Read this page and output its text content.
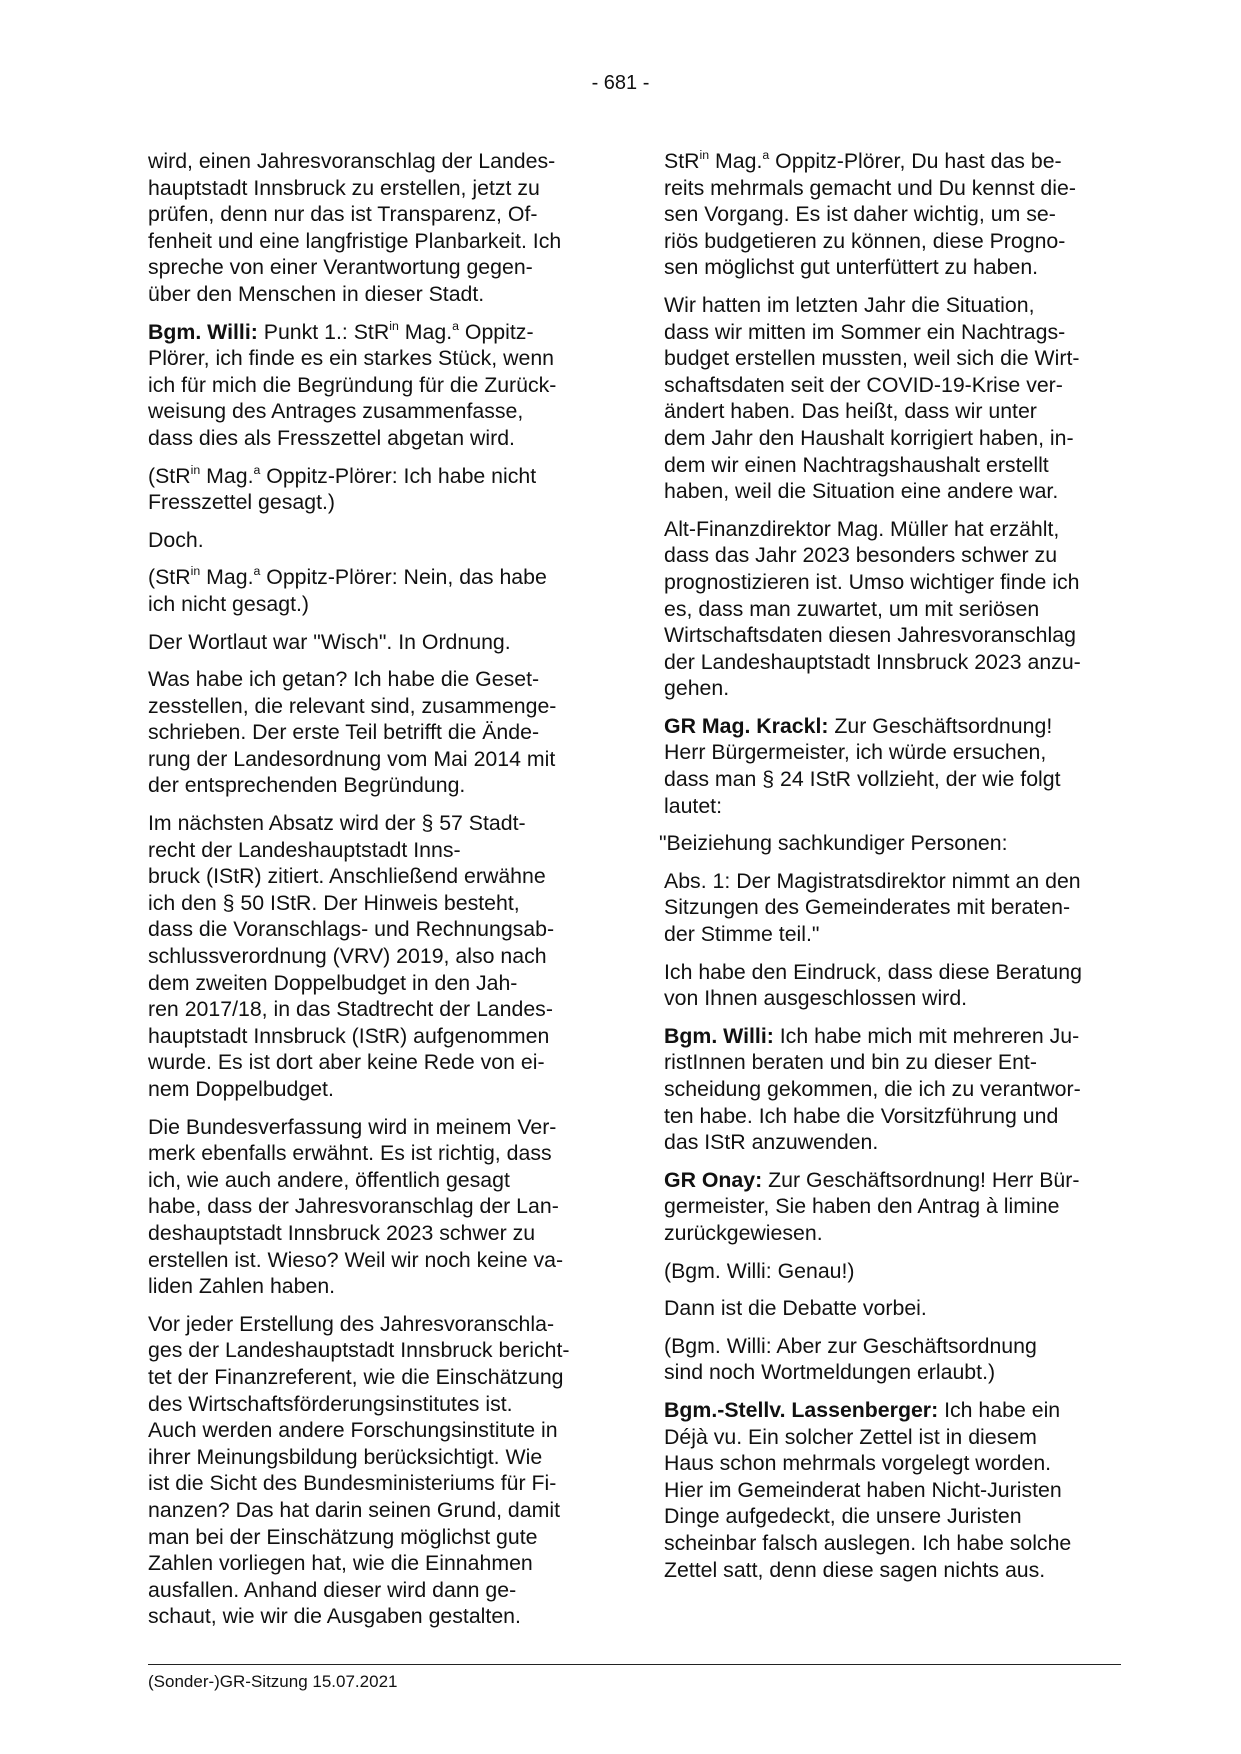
- 681 -

wird, einen Jahresvoranschlag der Landes-
hauptstadt Innsbruck zu erstellen, jetzt zu
prüfen, denn nur das ist Transparenz, Of-
fenheit und eine langfristige Planbarkeit. Ich
spreche von einer Verantwortung gegen-
über den Menschen in dieser Stadt.

Bgm. Willi: Punkt 1.: StR$^{in}$ Mag.$^a$ Oppitz-
Plörer, ich finde es ein starkes Stück, wenn
ich für mich die Begründung für die Zurück-
weisung des Antrages zusammenfasse,
dass dies als Fresszettel abgetan wird.

(StR$^{in}$ Mag.$^a$ Oppitz-Plörer: Ich habe nicht
Fresszettel gesagt.)

Doch.

(StR$^{in}$ Mag.$^a$ Oppitz-Plörer: Nein, das habe
ich nicht gesagt.)

Der Wortlaut war "Wisch". In Ordnung.

Was habe ich getan? Ich habe die Geset-
zesstellen, die relevant sind, zusammenge-
schrieben. Der erste Teil betrifft die Ände-
rung der Landesordnung vom Mai 2014 mit
der entsprechenden Begründung.

Im nächsten Absatz wird der § 57 Stadt-
recht der Landeshauptstadt Inns-
bruck (IStR) zitiert. Anschließend erwähne
ich den § 50 IStR. Der Hinweis besteht,
dass die Voranschlags- und Rechnungsab-
schlussverordnung (VRV) 2019, also nach
dem zweiten Doppelbudget in den Jah-
ren 2017/18, in das Stadtrecht der Landes-
hauptstadt Innsbruck (IStR) aufgenommen
wurde. Es ist dort aber keine Rede von ei-
nem Doppelbudget.

Die Bundesverfassung wird in meinem Ver-
merk ebenfalls erwähnt. Es ist richtig, dass
ich, wie auch andere, öffentlich gesagt
habe, dass der Jahresvoranschlag der Lan-
deshauptstadt Innsbruck 2023 schwer zu
erstellen ist. Wieso? Weil wir noch keine va-
liden Zahlen haben.

Vor jeder Erstellung des Jahresvoranschla-
ges der Landeshauptstadt Innsbruck bericht-
tet der Finanzreferent, wie die Einschätzung
des Wirtschaftsförderungsinstitutes ist.
Auch werden andere Forschungsinstitute in
ihrer Meinungsbildung berücksichtigt. Wie
ist die Sicht des Bundesministeriums für Fi-
nanzen? Das hat darin seinen Grund, damit
man bei der Einschätzung möglichst gute
Zahlen vorliegen hat, wie die Einnahmen
ausfallen. Anhand dieser wird dann ge-
schaut, wie wir die Ausgaben gestalten.

StR$^{in}$ Mag.$^a$ Oppitz-Plörer, Du hast das be-
reits mehrmals gemacht und Du kennst die-
sen Vorgang. Es ist daher wichtig, um se-
riös budgetieren zu können, diese Progno-
sen möglichst gut unterfüttert zu haben.

Wir hatten im letzten Jahr die Situation,
dass wir mitten im Sommer ein Nachtrags-
budget erstellen mussten, weil sich die Wirt-
schaftsdaten seit der COVID-19-Krise ver-
ändert haben. Das heißt, dass wir unter
dem Jahr den Haushalt korrigiert haben, in-
dem wir einen Nachtragshaushalt erstellt
haben, weil die Situation eine andere war.

Alt-Finanzdirektor Mag. Müller hat erzählt,
dass das Jahr 2023 besonders schwer zu
prognostizieren ist. Umso wichtiger finde ich
es, dass man zuwartet, um mit seriösen
Wirtschaftsdaten diesen Jahresvoranschlag
der Landeshauptstadt Innsbruck 2023 anzu-
gehen.

GR Mag. Krackl: Zur Geschäftsordnung!
Herr Bürgermeister, ich würde ersuchen,
dass man § 24 IStR vollzieht, der wie folgt
lautet:

"Beiziehung sachkundiger Personen:

Abs. 1: Der Magistratsdirektor nimmt an den
Sitzungen des Gemeinderates mit beraten-
der Stimme teil."

Ich habe den Eindruck, dass diese Beratung
von Ihnen ausgeschlossen wird.

Bgm. Willi: Ich habe mich mit mehreren Ju-
ristInnen beraten und bin zu dieser Ent-
scheidung gekommen, die ich zu verantwor-
ten habe. Ich habe die Vorsitzführung und
das IStR anzuwenden.

GR Onay: Zur Geschäftsordnung! Herr Bür-
germeister, Sie haben den Antrag à limine
zurückgewiesen.

(Bgm. Willi: Genau!)

Dann ist die Debatte vorbei.

(Bgm. Willi: Aber zur Geschäftsordnung
sind noch Wortmeldungen erlaubt.)

Bgm.-Stellv. Lassenberger: Ich habe ein
Déjà vu. Ein solcher Zettel ist in diesem
Haus schon mehrmals vorgelegt worden.
Hier im Gemeinderat haben Nicht-Juristen
Dinge aufgedeckt, die unsere Juristen
scheinbar falsch auslegen. Ich habe solche
Zettel satt, denn diese sagen nichts aus.

(Sonder-)GR-Sitzung 15.07.2021
